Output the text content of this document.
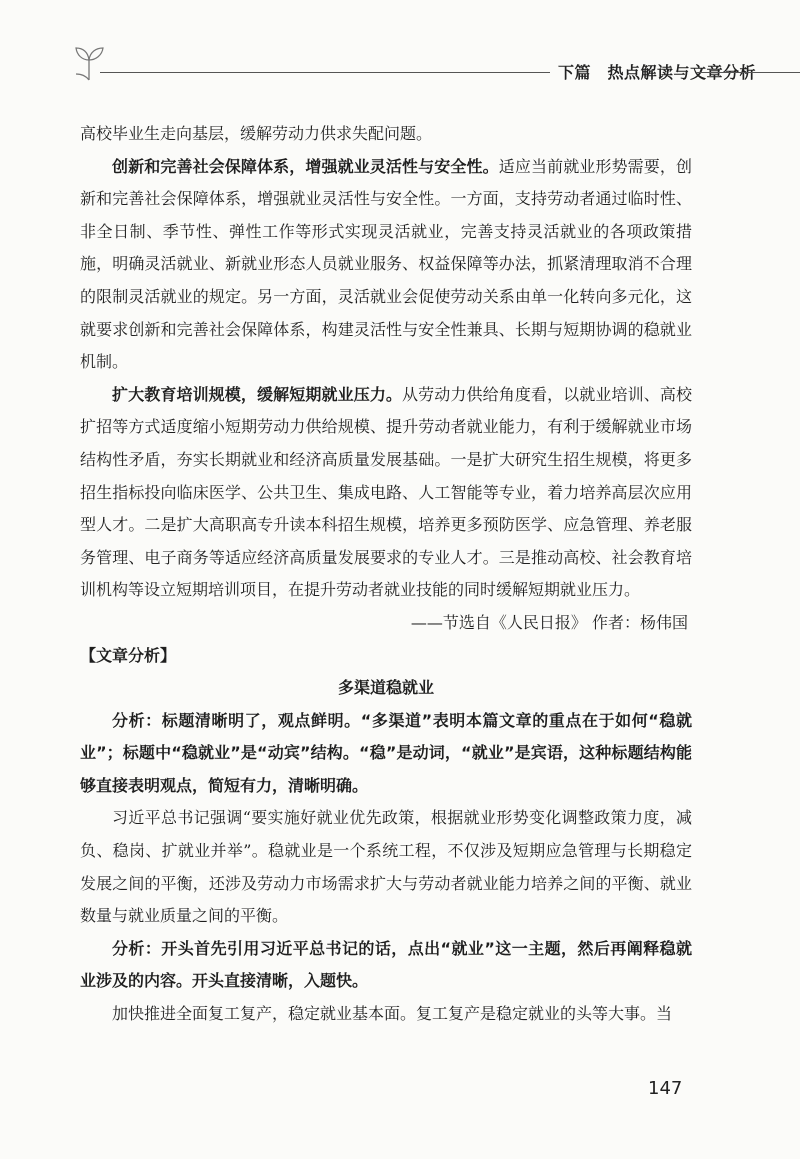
下篇　热点解读与文章分析

高校毕业生走向基层，缓解劳动力供求失配问题。

创新和完善社会保障体系，增强就业灵活性与安全性。适应当前就业形势需要，创新和完善社会保障体系，增强就业灵活性与安全性。一方面，支持劳动者通过临时性、非全日制、季节性、弹性工作等形式实现灵活就业，完善支持灵活就业的各项政策措施，明确灵活就业、新就业形态人员就业服务、权益保障等办法，抓紧清理取消不合理的限制灵活就业的规定。另一方面，灵活就业会促使劳动关系由单一化转向多元化，这就要求创新和完善社会保障体系，构建灵活性与安全性兼具、长期与短期协调的稳就业机制。

扩大教育培训规模，缓解短期就业压力。从劳动力供给角度看，以就业培训、高校扩招等方式适度缩小短期劳动力供给规模、提升劳动者就业能力，有利于缓解就业市场结构性矛盾，夯实长期就业和经济高质量发展基础。一是扩大研究生招生规模，将更多招生指标投向临床医学、公共卫生、集成电路、人工智能等专业，着力培养高层次应用型人才。二是扩大高职高专升读本科招生规模，培养更多预防医学、应急管理、养老服务管理、电子商务等适应经济高质量发展要求的专业人才。三是推动高校、社会教育培训机构等设立短期培训项目，在提升劳动者就业技能的同时缓解短期就业压力。

——节选自《人民日报》 作者：杨伟国

【文章分析】

多渠道稳就业

分析：标题清晰明了，观点鲜明。“多渠道”表明本篇文章的重点在于如何“稳就业”；标题中“稳就业”是“动宾”结构。“稳”是动词，“就业”是宾语，这种标题结构能够直接表明观点，简短有力，清晰明确。

习近平总书记强调“要实施好就业优先政策，根据就业形势变化调整政策力度，减负、稳岗、扩就业并举”。稳就业是一个系统工程，不仅涉及短期应急管理与长期稳定发展之间的平衡，还涉及劳动力市场需求扩大与劳动者就业能力培养之间的平衡、就业数量与就业质量之间的平衡。

分析：开头首先引用习近平总书记的话，点出“就业”这一主题，然后再阐释稳就业涉及的内容。开头直接清晰，入题快。

加快推进全面复工复产，稳定就业基本面。复工复产是稳定就业的头等大事。当

147
